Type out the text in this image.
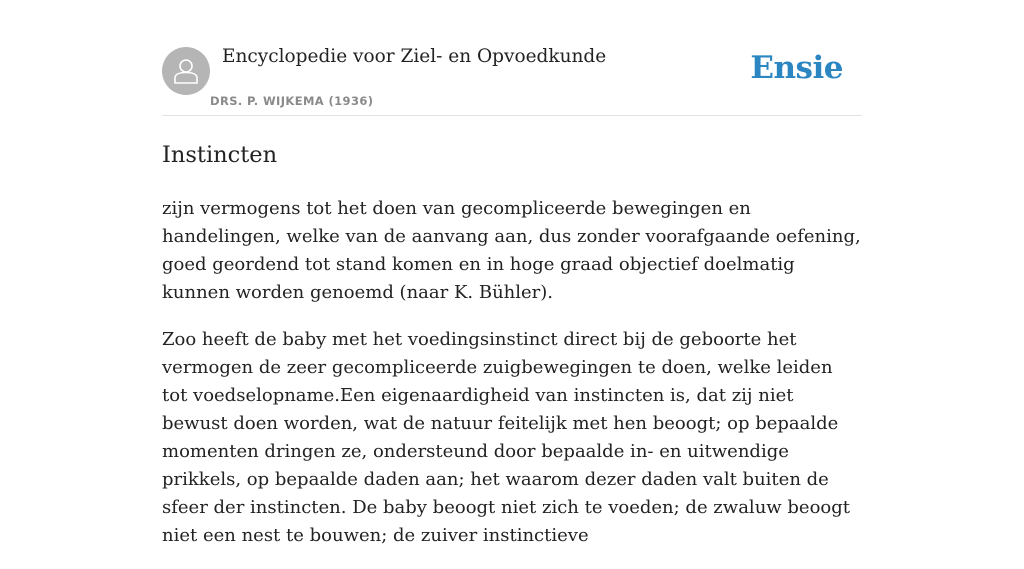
Encyclopedie voor Ziel- en Opvoedkunde
DRS. P. WIJKEMA (1936)
Ensie
Instincten

zijn vermogens tot het doen van gecompliceerde bewegingen en handelingen, welke van de aanvang aan, dus zonder voorafgaande oefening, goed geordend tot stand komen en in hoge graad objectief doelmatig kunnen worden genoemd (naar K. Bühler).

Zoo heeft de baby met het voedingsinstinct direct bij de geboorte het vermogen de zeer gecompliceerde zuigbewegingen te doen, welke leiden tot voedselopname.Een eigenaardigheid van instincten is, dat zij niet bewust doen worden, wat de natuur feitelijk met hen beoogt; op bepaalde momenten dringen ze, ondersteund door bepaalde in- en uitwendige prikkels, op bepaalde daden aan; het waarom dezer daden valt buiten de sfeer der instincten. De baby beoogt niet zich te voeden; de zwaluw beoogt niet een nest te bouwen; de zuiver instinctieve
